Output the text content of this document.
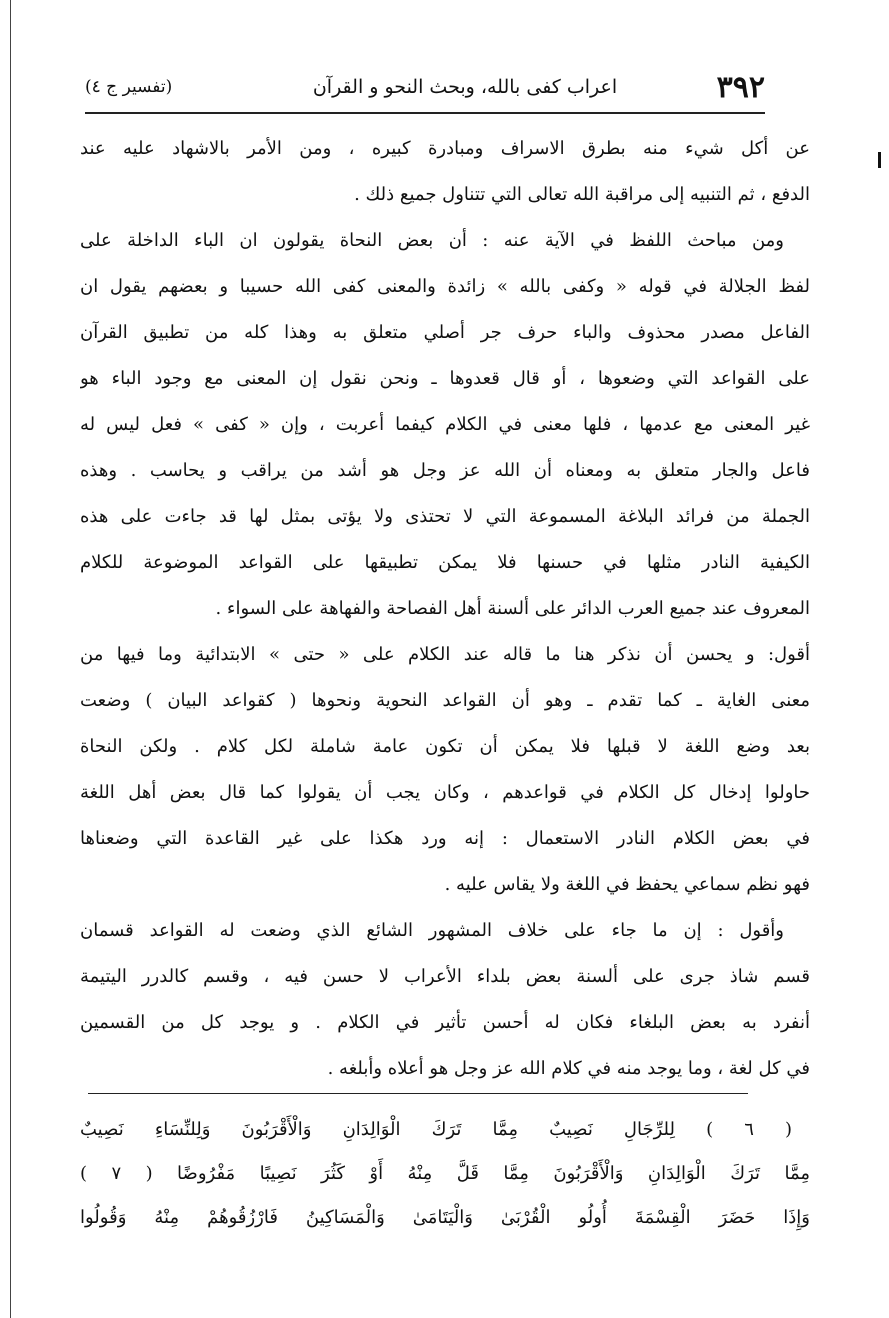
٣٩٢
اعراب كفى بالله، وبحث النحو و القرآن
(تفسير ج ٤)
عن أكل شيء منه بطرق الاسراف ومبادرة كبيره ، ومن الأمر بالاشهاد عليه عند
الدفع ، ثم التنبيه إلى مراقبة الله تعالى التي تتناول جميع ذلك .
ومن مباحث اللفظ في الآية عنه : أن بعض النحاة يقولون ان الباء الداخلة على
لفظ الجلالة في قوله « وكفى بالله » زائدة والمعنى كفى الله حسيبا و بعضهم يقول ان
الفاعل مصدر محذوف والباء حرف جر أصلي متعلق به وهذا كله من تطبيق القرآن
على القواعد التي وضعوها ، أو قال قعدوها ـ ونحن نقول إن المعنى مع وجود الباء هو
غير المعنى مع عدمها ، فلها معنى في الكلام كيفما أعربت ، وإن « كفى » فعل ليس له
فاعل والجار متعلق به ومعناه أن الله عز وجل هو أشد من يراقب و يحاسب . وهذه
الجملة من فرائد البلاغة المسموعة التي لا تحتذى ولا يؤتى بمثل لها قد جاءت على هذه
الكيفية النادر مثلها في حسنها فلا يمكن تطبيقها على القواعد الموضوعة للكلام
المعروف عند جميع العرب الدائر على ألسنة أهل الفصاحة والفهاهة على السواء .
أقول: و يحسن أن نذكر هنا ما قاله عند الكلام على « حتى » الابتدائية وما فيها من
معنى الغاية ـ كما تقدم ـ وهو أن القواعد النحوية ونحوها ( كقواعد البيان ) وضعت
بعد وضع اللغة لا قبلها فلا يمكن أن تكون عامة شاملة لكل كلام . ولكن النحاة
حاولوا إدخال كل الكلام في قواعدهم ، وكان يجب أن يقولوا كما قال بعض أهل اللغة
في بعض الكلام النادر الاستعمال : إنه ورد هكذا على غير القاعدة التي وضعناها
فهو نظم سماعي يحفظ في اللغة ولا يقاس عليه .
وأقول : إن ما جاء على خلاف المشهور الشائع الذي وضعت له القواعد قسمان
قسم شاذ جرى على ألسنة بعض بلداء الأعراب لا حسن فيه ، وقسم كالدرر اليتيمة
أنفرد به بعض البلغاء فكان له أحسن تأثير في الكلام . و يوجد كل من القسمين
في كل لغة ، وما يوجد منه في كلام الله عز وجل هو أعلاه وأبلغه .
( ٦ ) لِلرِّجَالِ نَصِيبٌ مِمَّا تَرَكَ الْوَالِدَانِ وَالْأَقْرَبُونَ وَلِلنِّسَاءِ نَصِيبٌ
مِمَّا تَرَكَ الْوَالِدَانِ وَالْأَقْرَبُونَ مِمَّا قَلَّ مِنْهُ أَوْ كَثُرَ نَصِيبًا مَفْرُوضًا ( ٧ )
وَإِذَا حَضَرَ الْقِسْمَةَ أُولُو الْقُرْبَىٰ وَالْيَتَامَىٰ وَالْمَسَاكِينُ فَارْزُقُوهُمْ مِنْهُ وَقُولُوا
